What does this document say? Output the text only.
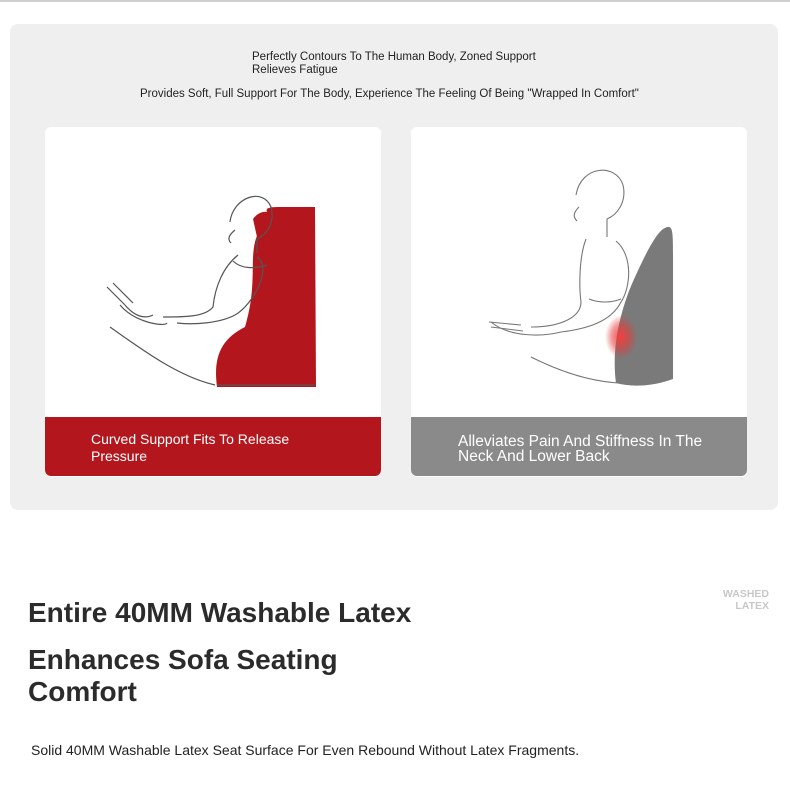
Perfectly Contours To The Human Body, Zoned Support
Relieves Fatigue
Provides Soft, Full Support For The Body, Experience The Feeling Of Being "Wrapped In Comfort"
Curved Support Fits To Release Pressure
Alleviates Pain And Stiffness In The Neck And Lower Back
WASHED
LATEX
Entire 40MM Washable Latex
Enhances Sofa Seating Comfort
Solid 40MM Washable Latex Seat Surface For Even Rebound Without Latex Fragments.
